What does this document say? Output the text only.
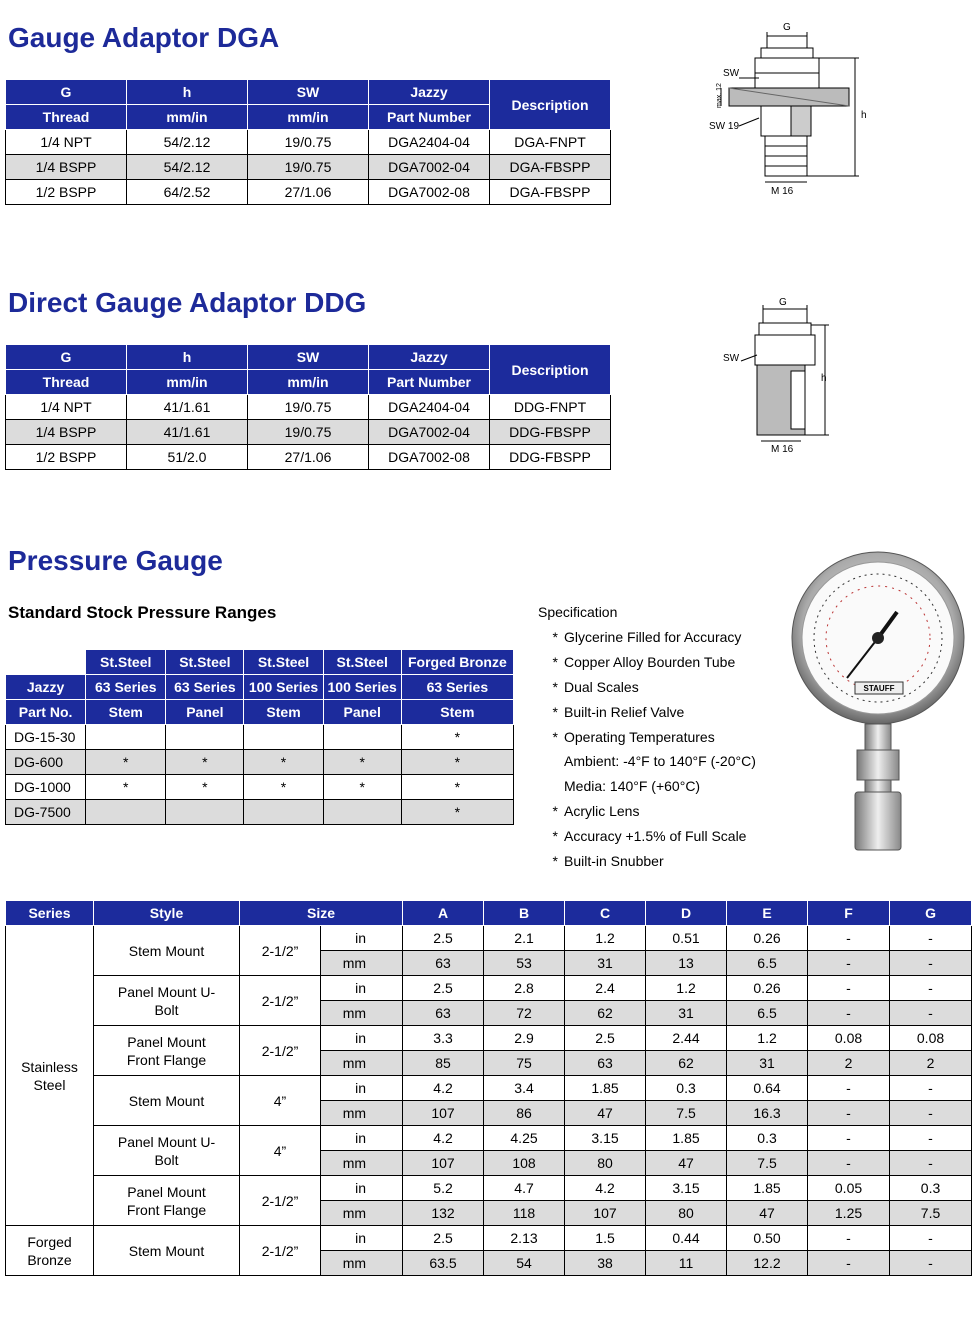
Gauge Adaptor DGA
G	h	SW	Jazzy	Description
Thread	mm/in	mm/in	Part Number	
1/4 NPT	54/2.12	19/0.75	DGA2404-04	DGA-FNPT
1/4 BSPP	54/2.12	19/0.75	DGA7002-04	DGA-FBSPP
1/2 BSPP	64/2.52	27/1.06	DGA7002-08	DGA-FBSPP
G
SW
max. 12
SW 19
h
M 16
Direct Gauge Adaptor DDG
G	h	SW	Jazzy	Description
Thread	mm/in	mm/in	Part Number	
1/4 NPT	41/1.61	19/0.75	DGA2404-04	DDG-FNPT
1/4 BSPP	41/1.61	19/0.75	DGA7002-04	DDG-FBSPP
1/2 BSPP	51/2.0	27/1.06	DGA7002-08	DDG-FBSPP
G
SW
h
M 16
Pressure Gauge
Standard Stock Pressure Ranges
	St.Steel	St.Steel	St.Steel	St.Steel	Forged Bronze
Jazzy	63 Series	63 Series	100 Series	100 Series	63 Series
Part No.	Stem	Panel	Stem	Panel	Stem
DG-15-30					*
DG-600	*	*	*	*	*
DG-1000	*	*	*	*	*
DG-7500					*
Specification
* Glycerine Filled for Accuracy
* Copper Alloy Bourden Tube
* Dual Scales
* Built-in Relief Valve
* Operating Temperatures
Ambient: -4°F to 140°F (-20°C)
Media: 140°F (+60°C)
* Acrylic Lens
* Accuracy +1.5% of Full Scale
* Built-in Snubber
STAUFF
Series	Style	Size		A	B	C	D	E	F	G
Stainless Steel	Stem Mount	2-1/2”	in	2.5	2.1	1.2	0.51	0.26	-	-
			mm	63	53	31	13	6.5	-	-
	Panel Mount U-Bolt	2-1/2”	in	2.5	2.8	2.4	1.2	0.26	-	-
			mm	63	72	62	31	6.5	-	-
	Panel Mount Front Flange	2-1/2”	in	3.3	2.9	2.5	2.44	1.2	0.08	0.08
			mm	85	75	63	62	31	2	2
	Stem Mount	4”	in	4.2	3.4	1.85	0.3	0.64	-	-
			mm	107	86	47	7.5	16.3	-	-
	Panel Mount U-Bolt	4”	in	4.2	4.25	3.15	1.85	0.3	-	-
			mm	107	108	80	47	7.5	-	-
	Panel Mount Front Flange	2-1/2”	in	5.2	4.7	4.2	3.15	1.85	0.05	0.3
			mm	132	118	107	80	47	1.25	7.5
Forged Bronze	Stem Mount	2-1/2”	in	2.5	2.13	1.5	0.44	0.50	-	-
			mm	63.5	54	38	11	12.2	-	-
